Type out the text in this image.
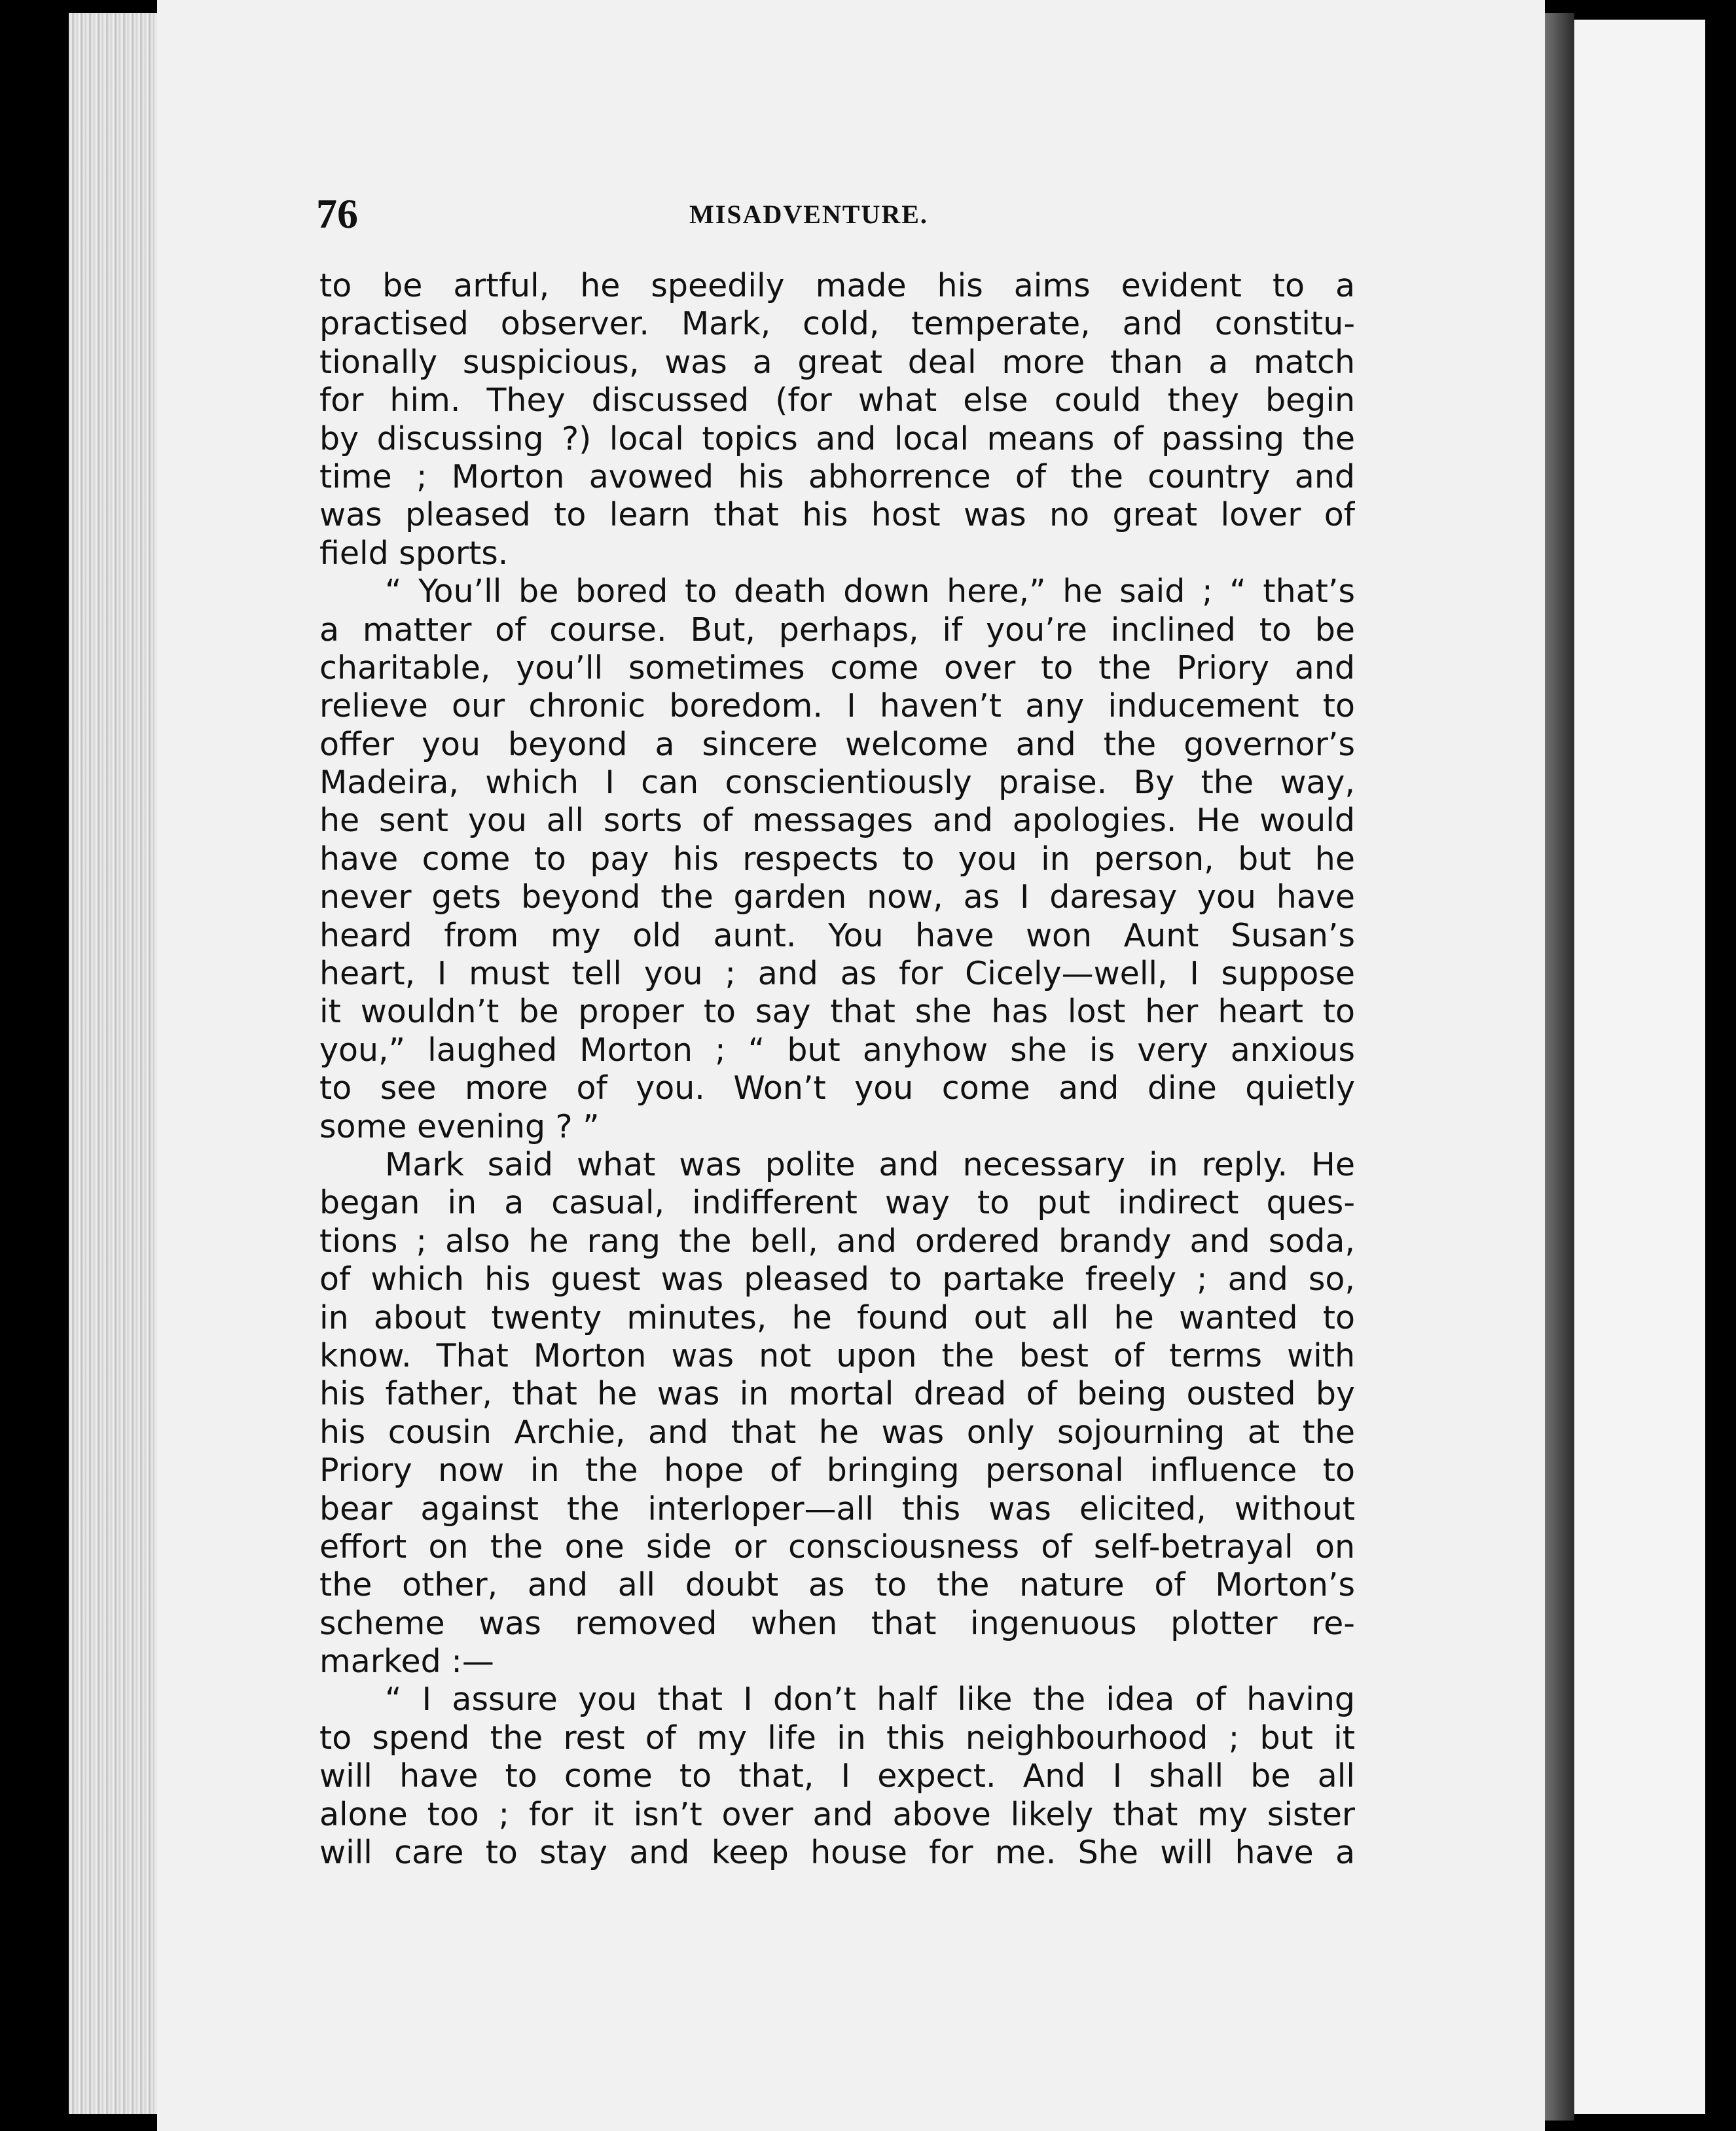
76	MISADVENTURE.
to be artful, he speedily made his aims evident to a
practised observer. Mark, cold, temperate, and constitu-
tionally suspicious, was a great deal more than a match
for him. They discussed (for what else could they begin
by discussing ?) local topics and local means of passing the
time ; Morton avowed his abhorrence of the country and
was pleased to learn that his host was no great lover of
field sports.
“ You’ll be bored to death down here,” he said ; “ that’s
a matter of course. But, perhaps, if you’re inclined to be
charitable, you’ll sometimes come over to the Priory and
relieve our chronic boredom. I haven’t any inducement to
offer you beyond a sincere welcome and the governor’s
Madeira, which I can conscientiously praise. By the way,
he sent you all sorts of messages and apologies. He would
have come to pay his respects to you in person, but he
never gets beyond the garden now, as I daresay you have
heard from my old aunt. You have won Aunt Susan’s
heart, I must tell you ; and as for Cicely—well, I suppose
it wouldn’t be proper to say that she has lost her heart to
you,” laughed Morton ; “ but anyhow she is very anxious
to see more of you. Won’t you come and dine quietly
some evening ? ”
Mark said what was polite and necessary in reply. He
began in a casual, indifferent way to put indirect ques-
tions ; also he rang the bell, and ordered brandy and soda,
of which his guest was pleased to partake freely ; and so,
in about twenty minutes, he found out all he wanted to
know. That Morton was not upon the best of terms with
his father, that he was in mortal dread of being ousted by
his cousin Archie, and that he was only sojourning at the
Priory now in the hope of bringing personal influence to
bear against the interloper—all this was elicited, without
effort on the one side or consciousness of self-betrayal on
the other, and all doubt as to the nature of Morton’s
scheme was removed when that ingenuous plotter re-
marked :—
“ I assure you that I don’t half like the idea of having
to spend the rest of my life in this neighbourhood ; but it
will have to come to that, I expect. And I shall be all
alone too ; for it isn’t over and above likely that my sister
will care to stay and keep house for me. She will have a
